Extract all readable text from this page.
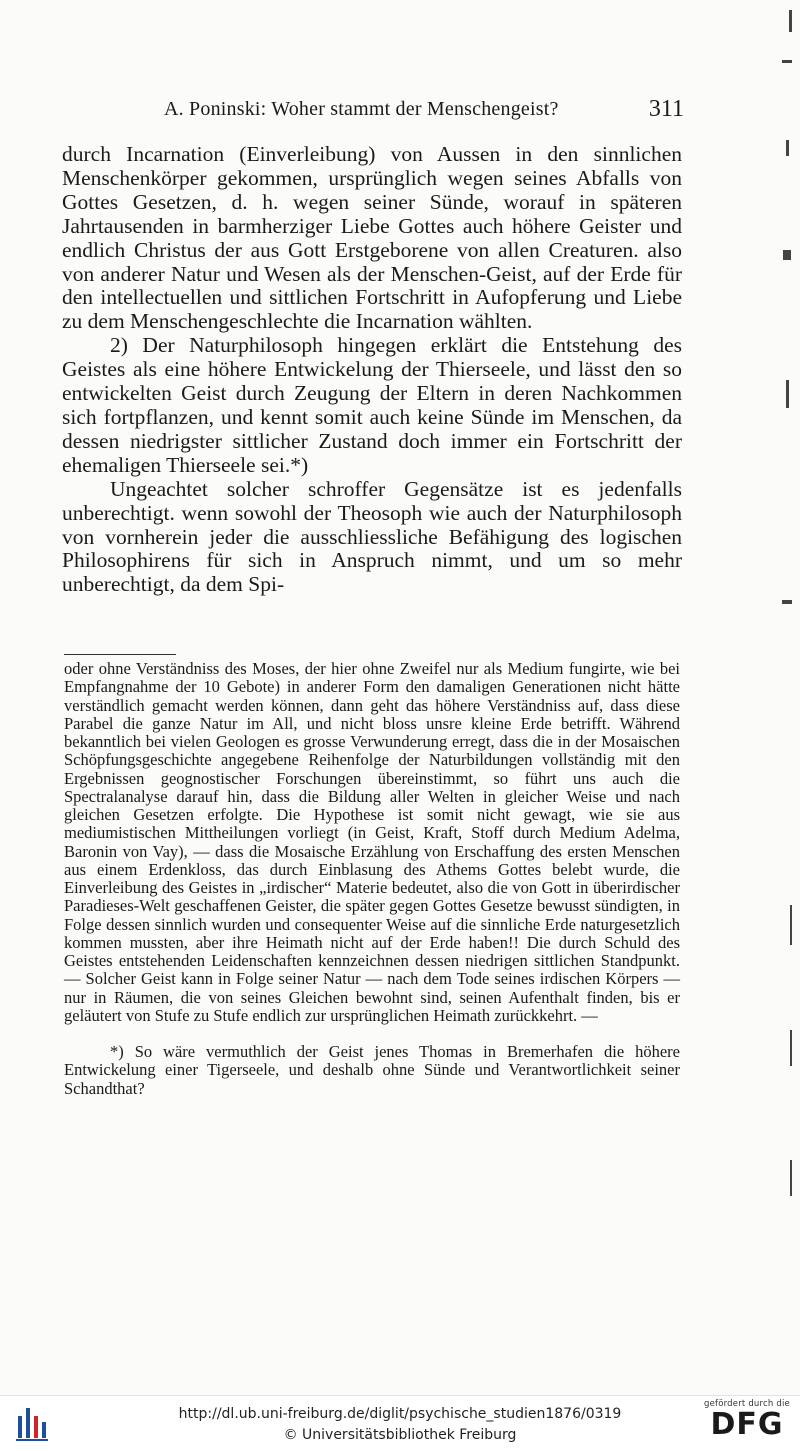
A. Poninski: Woher stammt der Menschengeist?	311

durch Incarnation (Einverleibung) von Aussen in den sinnlichen Menschenkörper gekommen, ursprünglich wegen seines Abfalls von Gottes Gesetzen, d. h. wegen seiner Sünde, worauf in späteren Jahrtausenden in barmherziger Liebe Gottes auch höhere Geister und endlich Christus der aus Gott Erstgeborene von allen Creaturen. also von anderer Natur und Wesen als der Menschen-Geist, auf der Erde für den intellectuellen und sittlichen Fortschritt in Aufopferung und Liebe zu dem Menschengeschlechte die Incarnation wählten.

2) Der Naturphilosoph hingegen erklärt die Entstehung des Geistes als eine höhere Entwickelung der Thierseele, und lässt den so entwickelten Geist durch Zeugung der Eltern in deren Nachkommen sich fortpflanzen, und kennt somit auch keine Sünde im Menschen, da dessen niedrigster sittlicher Zustand doch immer ein Fortschritt der ehemaligen Thierseele sei.*)

Ungeachtet solcher schroffer Gegensätze ist es jedenfalls unberechtigt. wenn sowohl der Theosoph wie auch der Naturphilosoph von vornherein jeder die ausschliessliche Befähigung des logischen Philosophirens für sich in Anspruch nimmt, und um so mehr unberechtigt, da dem Spi-

oder ohne Verständniss des Moses, der hier ohne Zweifel nur als Medium fungirte, wie bei Empfangnahme der 10 Gebote) in anderer Form den damaligen Generationen nicht hätte verständlich gemacht werden können, dann geht das höhere Verständniss auf, dass diese Parabel die ganze Natur im All, und nicht bloss unsre kleine Erde betrifft. Während bekanntlich bei vielen Geologen es grosse Verwunderung erregt, dass die in der Mosaischen Schöpfungsgeschichte angegebene Reihenfolge der Naturbildungen vollständig mit den Ergebnissen geognostischer Forschungen übereinstimmt, so führt uns auch die Spectralanalyse darauf hin, dass die Bildung aller Welten in gleicher Weise und nach gleichen Gesetzen erfolgte. Die Hypothese ist somit nicht gewagt, wie sie aus mediumistischen Mittheilungen vorliegt (in Geist, Kraft, Stoff durch Medium Adelma, Baronin von Vay), — dass die Mosaische Erzählung von Erschaffung des ersten Menschen aus einem Erdenkloss, das durch Einblasung des Athems Gottes belebt wurde, die Einverleibung des Geistes in „irdischer“ Materie bedeutet, also die von Gott in überirdischer Paradieses-Welt geschaffenen Geister, die später gegen Gottes Gesetze bewusst sündigten, in Folge dessen sinnlich wurden und consequenter Weise auf die sinnliche Erde naturgesetzlich kommen mussten, aber ihre Heimath nicht auf der Erde haben!! Die durch Schuld des Geistes entstehenden Leidenschaften kennzeichnen dessen niedrigen sittlichen Standpunkt. — Solcher Geist kann in Folge seiner Natur — nach dem Tode seines irdischen Körpers — nur in Räumen, die von seines Gleichen bewohnt sind, seinen Aufenthalt finden, bis er geläutert von Stufe zu Stufe endlich zur ursprünglichen Heimath zurückkehrt. —

*) So wäre vermuthlich der Geist jenes Thomas in Bremerhafen die höhere Entwickelung einer Tigerseele, und deshalb ohne Sünde und Verantwortlichkeit seiner Schandthat?

http://dl.ub.uni-freiburg.de/diglit/psychische_studien1876/0319
© Universitätsbibliothek Freiburg
gefördert durch die
DFG
